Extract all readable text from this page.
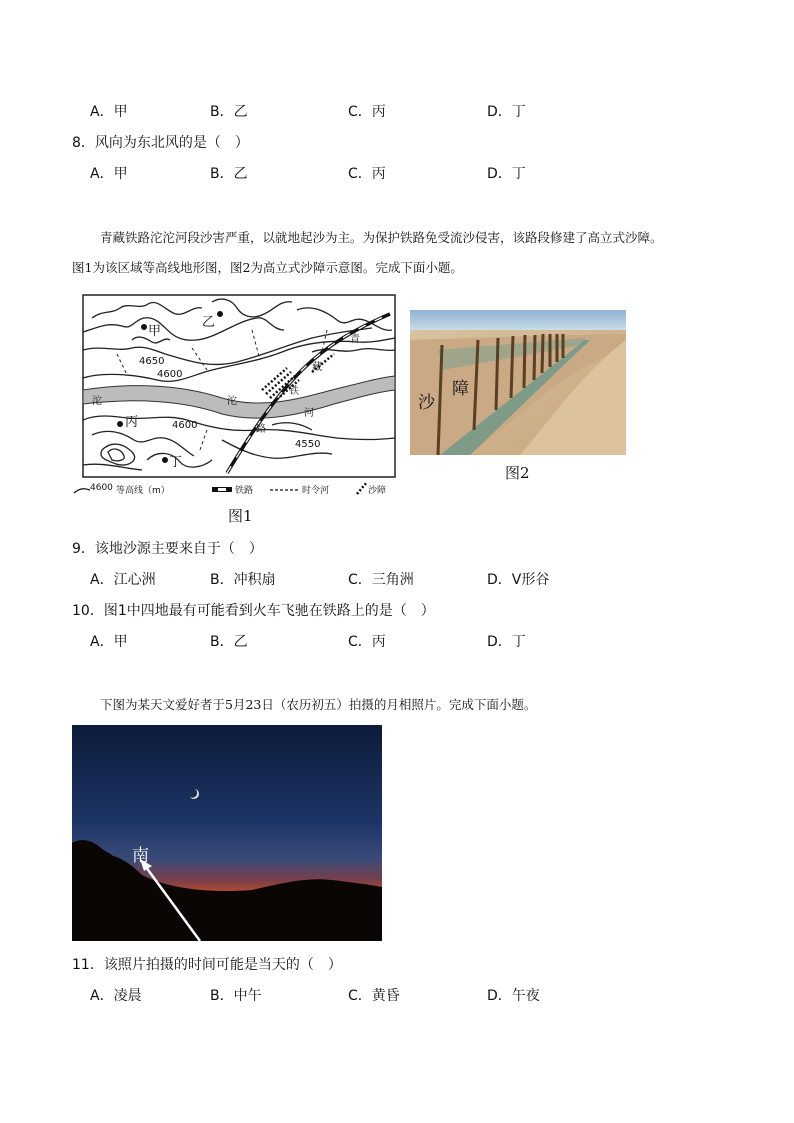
A．甲	B．乙	C．丙	D．丁
8．风向为东北风的是（　）
A．甲	B．乙	C．丙	D．丁
青藏铁路沱沱河段沙害严重，以就地起沙为主。为保护铁路免受流沙侵害，该路段修建了高立式沙障。
图1为该区域等高线地形图，图2为高立式沙障示意图。完成下面小题。
甲
乙
丙
丁
青
藏
铁
路
沱	沱
河
4650
4600
4600
4550
4600 等高线（m）	铁路	时令河	沙障
图1
沙
障
图2
9．该地沙源主要来自于（　）
A．江心洲	B．冲积扇	C．三角洲	D．V形谷
10．图1中四地最有可能看到火车飞驰在铁路上的是（　）
A．甲	B．乙	C．丙	D．丁
下图为某天文爱好者于5月23日（农历初五）拍摄的月相照片。完成下面小题。
南
11．该照片拍摄的时间可能是当天的（　）
A．凌晨	B．中午	C．黄昏	D．午夜
